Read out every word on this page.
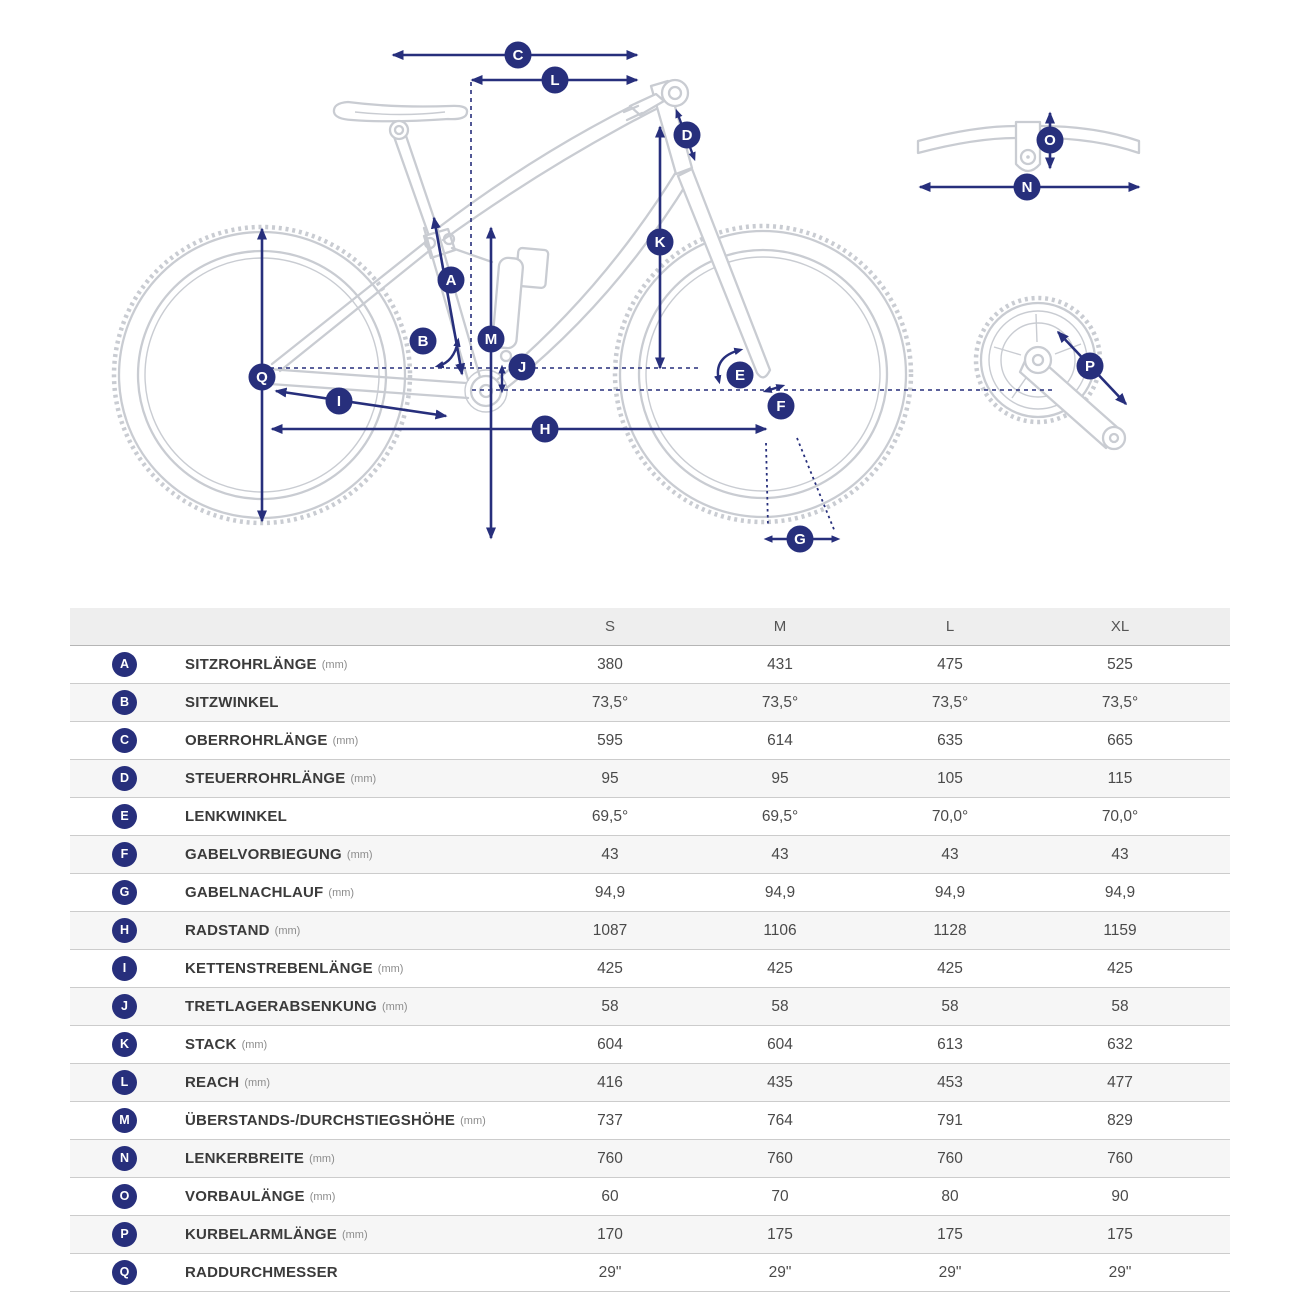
A
B
C
D
E
F
G
H
I
J
K
L
M
N
O
P
Q
	S	M	L	XL	

A SITZROHRLÄNGE (mm)	380	431	475	525	

B SITZWINKEL	73,5°	73,5°	73,5°	73,5°	

C OBERROHRLÄNGE (mm)	595	614	635	665	

D STEUERROHRLÄNGE (mm)	95	95	105	115	

E LENKWINKEL	69,5°	69,5°	70,0°	70,0°	

F GABELVORBIEGUNG (mm)	43	43	43	43	

G GABELNACHLAUF (mm)	94,9	94,9	94,9	94,9	

H RADSTAND (mm)	1087	1106	1128	1159	

I KETTENSTREBENLÄNGE (mm)	425	425	425	425	

J TRETLAGERABSENKUNG (mm)	58	58	58	58	

K STACK (mm)	604	604	613	632	

L REACH (mm)	416	435	453	477	

M ÜBERSTANDS-/DURCHSTIEGSHÖHE (mm)	737	764	791	829	

N LENKERBREITE (mm)	760	760	760	760	

O VORBAULÄNGE (mm)	60	70	80	90	

P KURBELARMLÄNGE (mm)	170	175	175	175	

Q RADDURCHMESSER	29"	29"	29"	29"	
